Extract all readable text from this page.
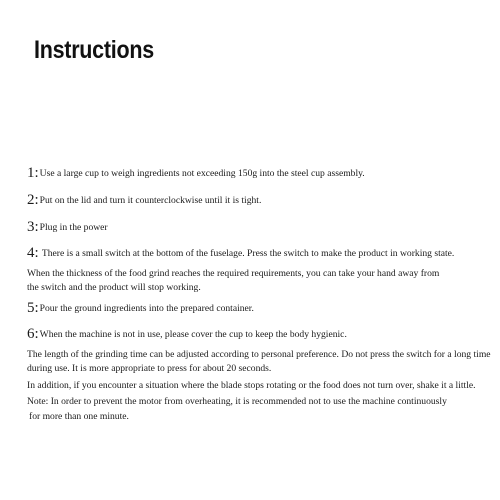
Instructions
1:Use a large cup to weigh ingredients not exceeding 150g into the steel cup assembly.
2:Put on the lid and turn it counterclockwise until it is tight.
3:Plug in the power
4: There is a small switch at the bottom of the fuselage. Press the switch to make the product in working state.
When the thickness of the food grind reaches the required requirements, you can take your hand away from
the switch and the product will stop working.
5:Pour the ground ingredients into the prepared container.
6:When the machine is not in use, please cover the cup to keep the body hygienic.
The length of the grinding time can be adjusted according to personal preference. Do not press the switch for a long time
during use. It is more appropriate to press for about 20 seconds.
In addition, if you encounter a situation where the blade stops rotating or the food does not turn over, shake it a little.
Note: In order to prevent the motor from overheating, it is recommended not to use the machine continuously
for more than one minute.
